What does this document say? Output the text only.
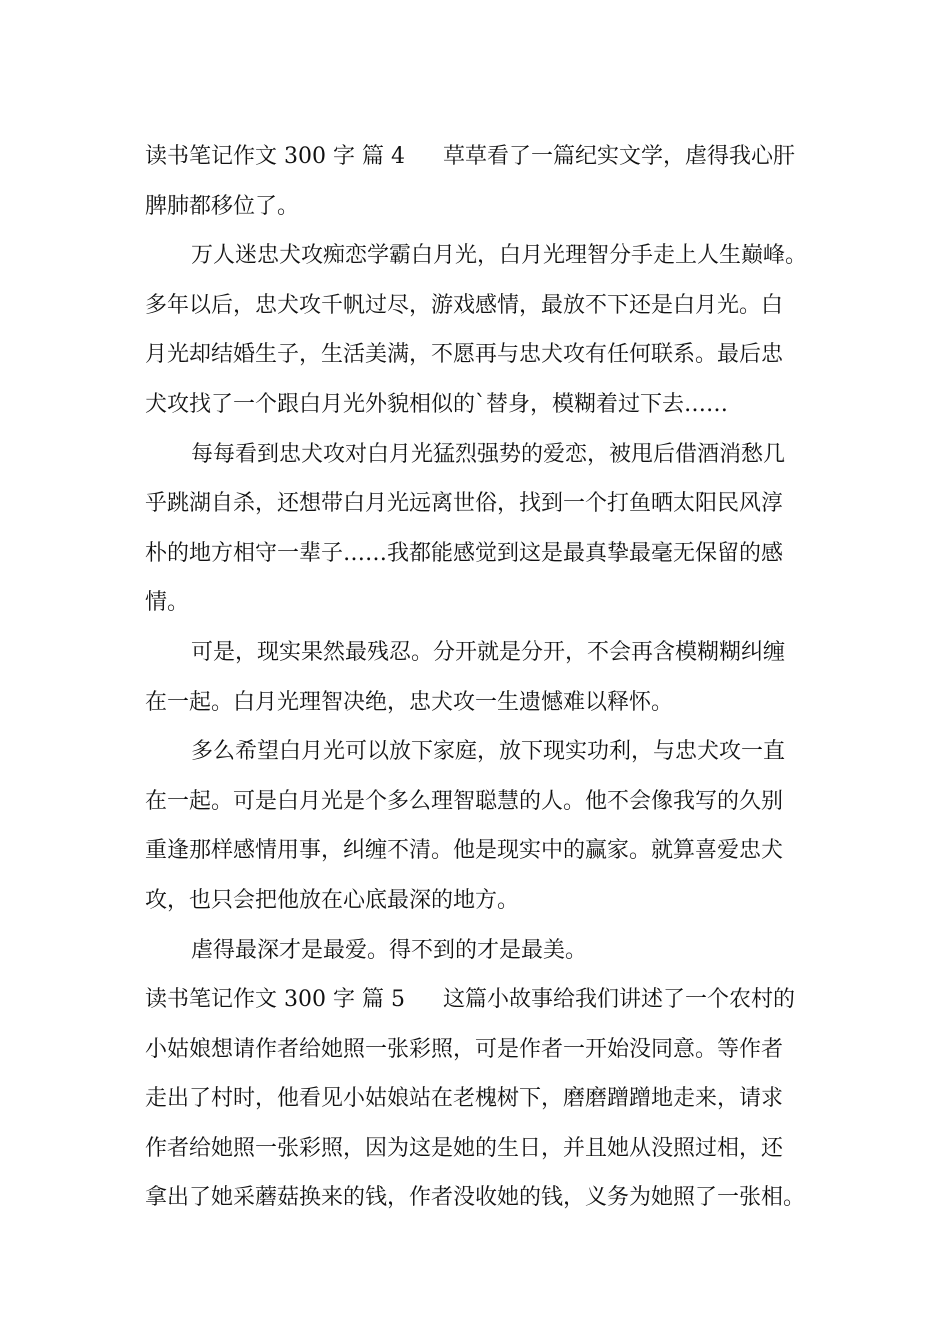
读书笔记作文 300 字 篇 4 草草看了一篇纪实文学，虐得我心肝
脾肺都移位了。
万人迷忠犬攻痴恋学霸白月光，白月光理智分手走上人生巅峰。
多年以后，忠犬攻千帆过尽，游戏感情，最放不下还是白月光。白
月光却结婚生子，生活美满，不愿再与忠犬攻有任何联系。最后忠
犬攻找了一个跟白月光外貌相似的`替身，模糊着过下去……
每每看到忠犬攻对白月光猛烈强势的爱恋，被甩后借酒消愁几
乎跳湖自杀，还想带白月光远离世俗，找到一个打鱼晒太阳民风淳
朴的地方相守一辈子……我都能感觉到这是最真挚最毫无保留的感
情。
可是，现实果然最残忍。分开就是分开，不会再含模糊糊纠缠
在一起。白月光理智决绝，忠犬攻一生遗憾难以释怀。
多么希望白月光可以放下家庭，放下现实功利，与忠犬攻一直
在一起。可是白月光是个多么理智聪慧的人。他不会像我写的久别
重逢那样感情用事，纠缠不清。他是现实中的赢家。就算喜爱忠犬
攻，也只会把他放在心底最深的地方。
虐得最深才是最爱。得不到的才是最美。
读书笔记作文 300 字 篇 5 这篇小故事给我们讲述了一个农村的
小姑娘想请作者给她照一张彩照，可是作者一开始没同意。等作者
走出了村时，他看见小姑娘站在老槐树下，磨磨蹭蹭地走来，请求
作者给她照一张彩照，因为这是她的生日，并且她从没照过相，还
拿出了她采蘑菇换来的钱，作者没收她的钱，义务为她照了一张相。
